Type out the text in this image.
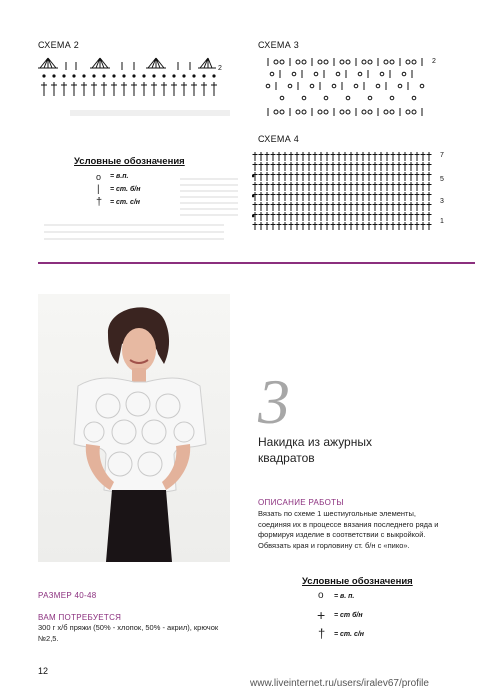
СХЕМА 2
2
СХЕМА 3
2
СХЕМА 4
7
5
3
1
Условные обозначения
о = в.п.
| = ст. б/н
† = ст. с/н
3
Накидка из ажурных квадратов
ОПИСАНИЕ РАБОТЫ
Вязать по схеме 1 шестиугольные элементы, соединяя их в процессе вязания последнего ряда и формируя изделие в соответствии с выкройкой. Обвязать края и горловину ст. б/н с «пико».
РАЗМЕР 40-48
ВАМ ПОТРЕБУЕТСЯ
300 г х/б пряжи (50% - хлопок, 50% - акрил), крючок №2,5.
Условные обозначения
о = в. п.
+ = ст б/н
† = ст. с/н
12
www.liveinternet.ru/users/iralev67/profile
